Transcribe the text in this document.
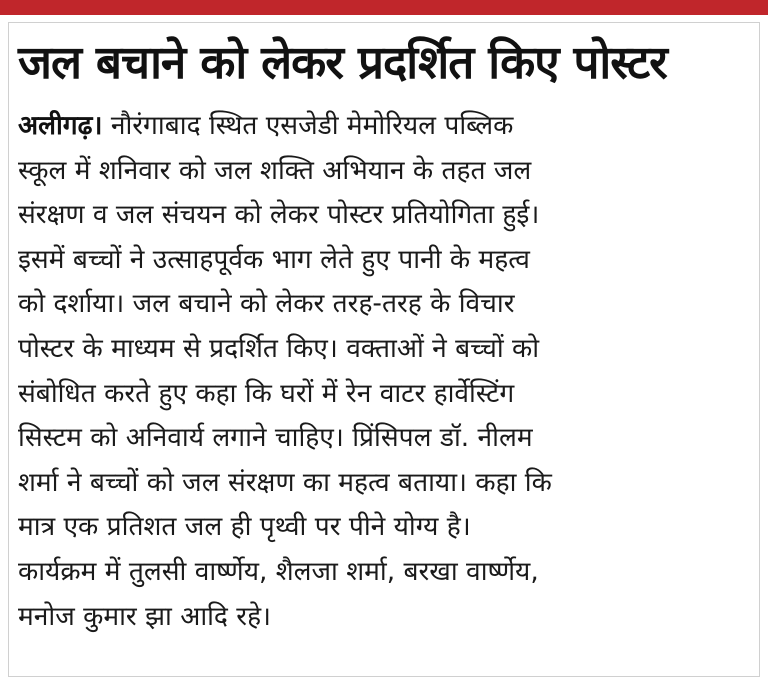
जल बचाने को लेकर प्रदर्शित किए पोस्टर
अलीगढ़। नौरंगाबाद स्थित एसजेडी मेमोरियल पब्लिक
स्कूल में शनिवार को जल शक्ति अभियान के तहत जल
संरक्षण व जल संचयन को लेकर पोस्टर प्रतियोगिता हुई।
इसमें बच्चों ने उत्साहपूर्वक भाग लेते हुए पानी के महत्व
को दर्शाया। जल बचाने को लेकर तरह-तरह के विचार
पोस्टर के माध्यम से प्रदर्शित किए। वक्ताओं ने बच्चों को
संबोधित करते हुए कहा कि घरों में रेन वाटर हार्वेस्टिंग
सिस्टम को अनिवार्य लगाने चाहिए। प्रिंसिपल डॉ. नीलम
शर्मा ने बच्चों को जल संरक्षण का महत्व बताया। कहा कि
मात्र एक प्रतिशत जल ही पृथ्वी पर पीने योग्य है।
कार्यक्रम में तुलसी वार्ष्णेय, शैलजा शर्मा, बरखा वार्ष्णेय,
मनोज कुमार झा आदि रहे।
